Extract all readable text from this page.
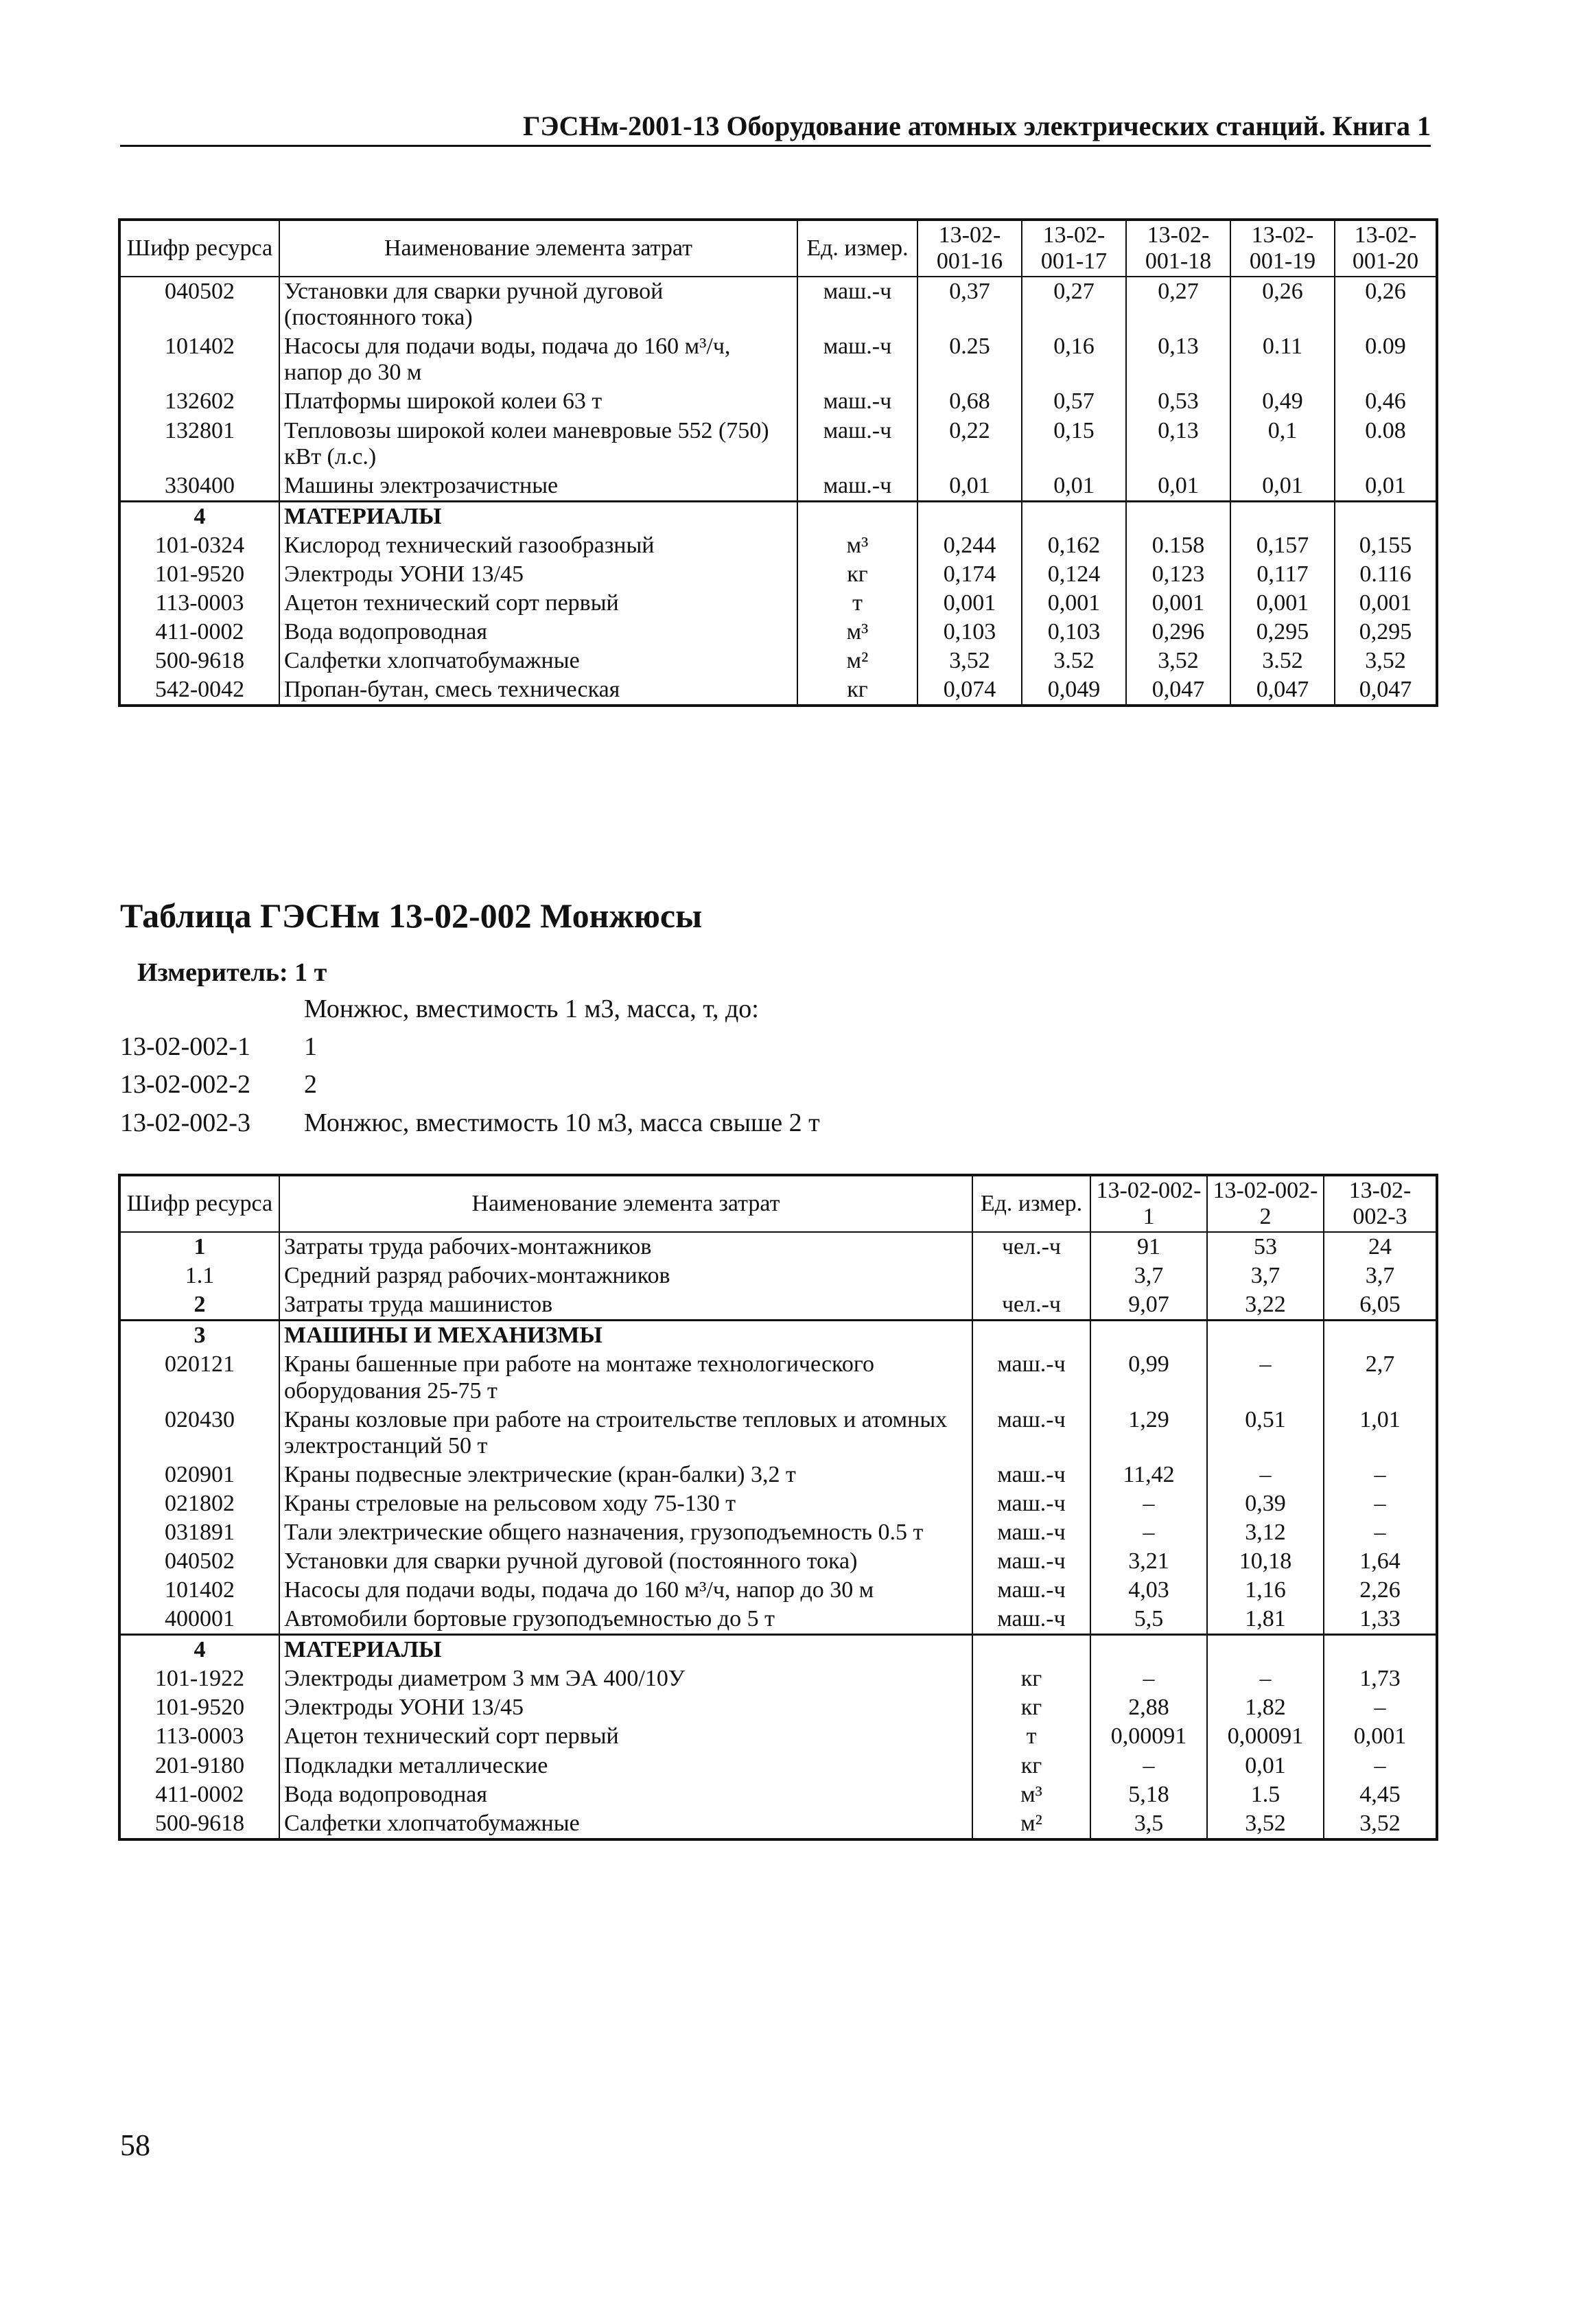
ГЭСНм-2001-13 Оборудование атомных электрических станций. Книга 1
Шифр ресурса	Наименование элемента затрат	Ед. измер.	13-02-001-16	13-02-001-17	13-02-001-18	13-02-001-19	13-02-001-20
040502	Установки для сварки ручной дуговой (постоянного тока)	маш.-ч	0,37	0,27	0,27	0,26	0,26
101402	Насосы для подачи воды, подача до 160 м³/ч, напор до 30 м	маш.-ч	0.25	0,16	0,13	0.11	0.09
132602	Платформы широкой колеи 63 т	маш.-ч	0,68	0,57	0,53	0,49	0,46
132801	Тепловозы широкой колеи маневровые 552 (750) кВт (л.с.)	маш.-ч	0,22	0,15	0,13	0,1	0.08
330400	Машины электрозачистные	маш.-ч	0,01	0,01	0,01	0,01	0,01
4	МАТЕРИАЛЫ						
101-0324	Кислород технический газообразный	м³	0,244	0,162	0.158	0,157	0,155
101-9520	Электроды УОНИ 13/45	кг	0,174	0,124	0,123	0,117	0.116
113-0003	Ацетон технический сорт первый	т	0,001	0,001	0,001	0,001	0,001
411-0002	Вода водопроводная	м³	0,103	0,103	0,296	0,295	0,295
500-9618	Салфетки хлопчатобумажные	м²	3,52	3.52	3,52	3.52	3,52
542-0042	Пропан-бутан, смесь техническая	кг	0,074	0,049	0,047	0,047	0,047
Таблица ГЭСНм 13-02-002 Монжюсы
Измеритель: 1 т
Монжюс, вместимость 1 м3, масса, т, до:
13-02-002-1 1
13-02-002-2 2
13-02-002-3 Монжюс, вместимость 10 м3, масса свыше 2 т
Шифр ресурса	Наименование элемента затрат	Ед. измер.	13-02-002-1	13-02-002-2	13-02-002-3
1	Затраты труда рабочих-монтажников	чел.-ч	91	53	24
1.1	Средний разряд рабочих-монтажников		3,7	3,7	3,7
2	Затраты труда машинистов	чел.-ч	9,07	3,22	6,05
3	МАШИНЫ И МЕХАНИЗМЫ				
020121	Краны башенные при работе на монтаже технологического оборудования 25-75 т	маш.-ч	0,99	–	2,7
020430	Краны козловые при работе на строительстве тепловых и атомных электростанций 50 т	маш.-ч	1,29	0,51	1,01
020901	Краны подвесные электрические (кран-балки) 3,2 т	маш.-ч	11,42	–	–
021802	Краны стреловые на рельсовом ходу 75-130 т	маш.-ч	–	0,39	–
031891	Тали электрические общего назначения, грузоподъемность 0.5 т	маш.-ч	–	3,12	–
040502	Установки для сварки ручной дуговой (постоянного тока)	маш.-ч	3,21	10,18	1,64
101402	Насосы для подачи воды, подача до 160 м³/ч, напор до 30 м	маш.-ч	4,03	1,16	2,26
400001	Автомобили бортовые грузоподъемностью до 5 т	маш.-ч	5,5	1,81	1,33
4	МАТЕРИАЛЫ				
101-1922	Электроды диаметром 3 мм ЭА 400/10У	кг	–	–	1,73
101-9520	Электроды УОНИ 13/45	кг	2,88	1,82	–
113-0003	Ацетон технический сорт первый	т	0,00091	0,00091	0,001
201-9180	Подкладки металлические	кг	–	0,01	–
411-0002	Вода водопроводная	м³	5,18	1.5	4,45
500-9618	Салфетки хлопчатобумажные	м²	3,5	3,52	3,52
58
